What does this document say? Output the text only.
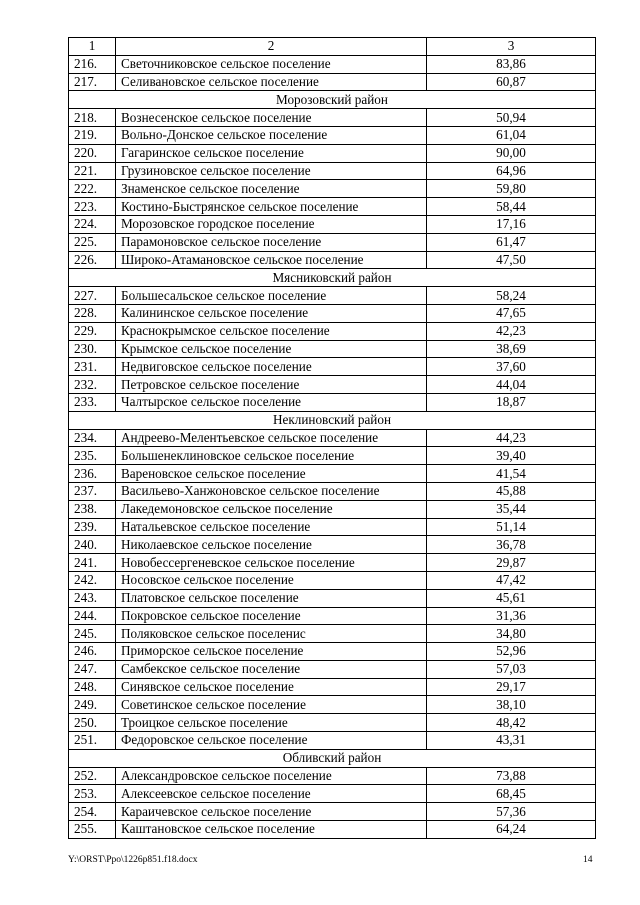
1	2	3
216.	Светочниковское сельское поселение	83,86
217.	Селивановское сельское поселение	60,87
Морозовский район		
218.	Вознесенское сельское поселение	50,94
219.	Вольно-Донское сельское поселение	61,04
220.	Гагаринское сельское поселение	90,00
221.	Грузиновское сельское поселение	64,96
222.	Знаменское сельское поселение	59,80
223.	Костино-Быстрянское сельское поселение	58,44
224.	Морозовское городское поселение	17,16
225.	Парамоновское сельское поселение	61,47
226.	Широко-Атамановское сельское поселение	47,50
Мясниковский район		
227.	Большесальское сельское поселение	58,24
228.	Калининское сельское поселение	47,65
229.	Краснокрымское сельское поселение	42,23
230.	Крымское сельское поселение	38,69
231.	Недвиговское сельское поселение	37,60
232.	Петровское сельское поселение	44,04
233.	Чалтырское сельское поселение	18,87
Неклиновский район		
234.	Андреево-Мелентьевское сельское поселение	44,23
235.	Большенеклиновское сельское поселение	39,40
236.	Вареновское сельское поселение	41,54
237.	Васильево-Ханжоновское сельское поселение	45,88
238.	Лакедемоновское сельское поселение	35,44
239.	Натальевское сельское поселение	51,14
240.	Николаевское сельское поселение	36,78
241.	Новобессергеневское сельское поселение	29,87
242.	Носовское сельское поселение	47,42
243.	Платовское сельское поселение	45,61
244.	Покровское сельское поселение	31,36
245.	Поляковское сельское поселенис	34,80
246.	Приморское сельское поселение	52,96
247.	Самбекское сельское поселение	57,03
248.	Синявское сельское поселение	29,17
249.	Советинское сельское поселение	38,10
250.	Троицкое сельское поселение	48,42
251.	Федоровское сельское поселение	43,31
Обливский район		
252.	Александровское сельское поселение	73,88
253.	Алексеевское сельское поселение	68,45
254.	Караичевское сельское поселение	57,36
255.	Каштановское сельское поселение	64,24
Y:\ORST\Ppo\1226p851.f18.docx	14
